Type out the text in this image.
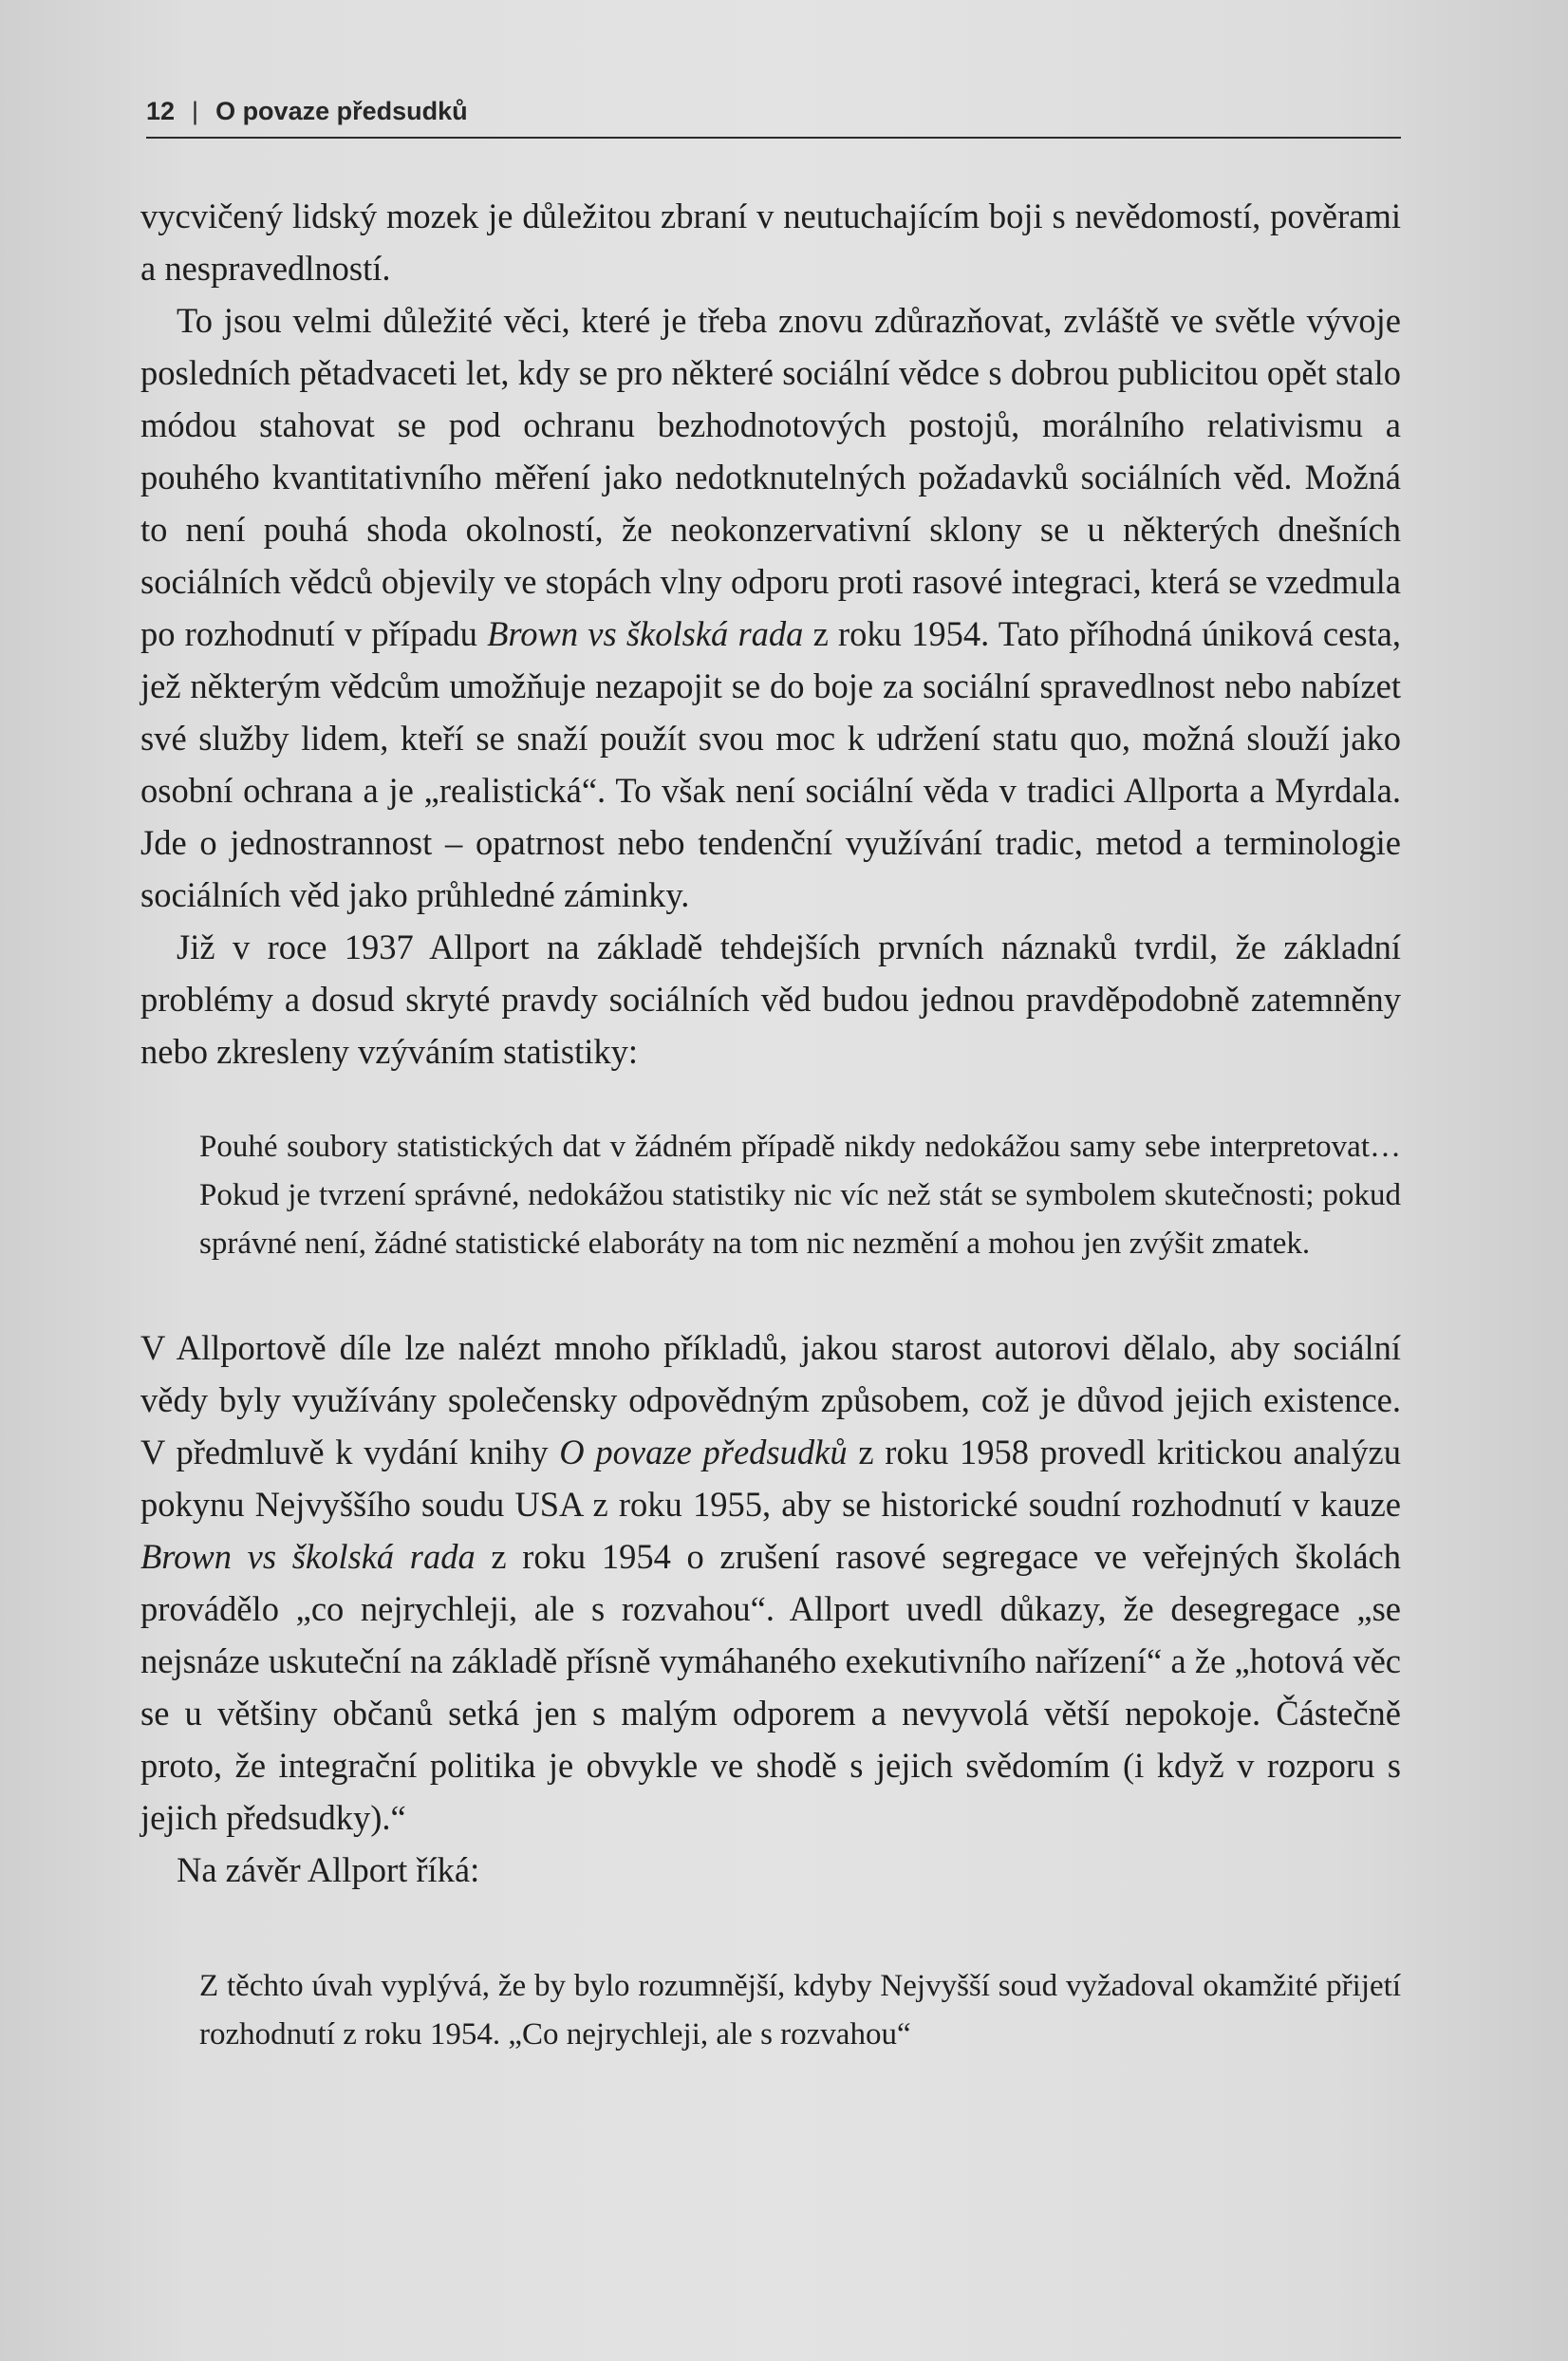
12 | O povaze předsudků

vycvičený lidský mozek je důležitou zbraní v neutuchajícím boji s nevědomostí, pověrami a nespravedlností.

To jsou velmi důležité věci, které je třeba znovu zdůrazňovat, zvláště ve světle vývoje posledních pětadvaceti let, kdy se pro některé sociální vědce s dobrou publicitou opět stalo módou stahovat se pod ochranu bezhodnotových postojů, morálního relativismu a pouhého kvantitativního měření jako nedotknutelných požadavků sociálních věd. Možná to není pouhá shoda okolností, že neokonzervativní sklony se u některých dnešních sociálních vědců objevily ve stopách vlny odporu proti rasové integraci, která se vzedmula po rozhodnutí v případu Brown vs školská rada z roku 1954. Tato příhodná úniková cesta, jež některým vědcům umožňuje nezapojit se do boje za sociální spravedlnost nebo nabízet své služby lidem, kteří se snaží použít svou moc k udržení statu quo, možná slouží jako osobní ochrana a je „realistická“. To však není sociální věda v tradici Allporta a Myrdala. Jde o jednostrannost – opatrnost nebo tendenční využívání tradic, metod a terminologie sociálních věd jako průhledné záminky.

Již v roce 1937 Allport na základě tehdejších prvních náznaků tvrdil, že základní problémy a dosud skryté pravdy sociálních věd budou jednou pravděpodobně zatemněny nebo zkresleny vzýváním statistiky:

Pouhé soubory statistických dat v žádném případě nikdy nedokážou samy sebe interpretovat… Pokud je tvrzení správné, nedokážou statistiky nic víc než stát se symbolem skutečnosti; pokud správné není, žádné statistické elaboráty na tom nic nezmění a mohou jen zvýšit zmatek.

V Allportově díle lze nalézt mnoho příkladů, jakou starost autorovi dělalo, aby sociální vědy byly využívány společensky odpovědným způsobem, což je důvod jejich existence. V předmluvě k vydání knihy O povaze předsudků z roku 1958 provedl kritickou analýzu pokynu Nejvyššího soudu USA z roku 1955, aby se historické soudní rozhodnutí v kauze Brown vs školská rada z roku 1954 o zrušení rasové segregace ve veřejných školách provádělo „co nejrychleji, ale s rozvahou“. Allport uvedl důkazy, že desegregace „se nejsnáze uskuteční na základě přísně vymáhaného exekutivního nařízení“ a že „hotová věc se u většiny občanů setká jen s malým odporem a nevyvolá větší nepokoje. Částečně proto, že integrační politika je obvykle ve shodě s jejich svědomím (i když v rozporu s jejich předsudky).“

Na závěr Allport říká:

Z těchto úvah vyplývá, že by bylo rozumnější, kdyby Nejvyšší soud vyžadoval okamžité přijetí rozhodnutí z roku 1954. „Co nejrychleji, ale s rozvahou“
